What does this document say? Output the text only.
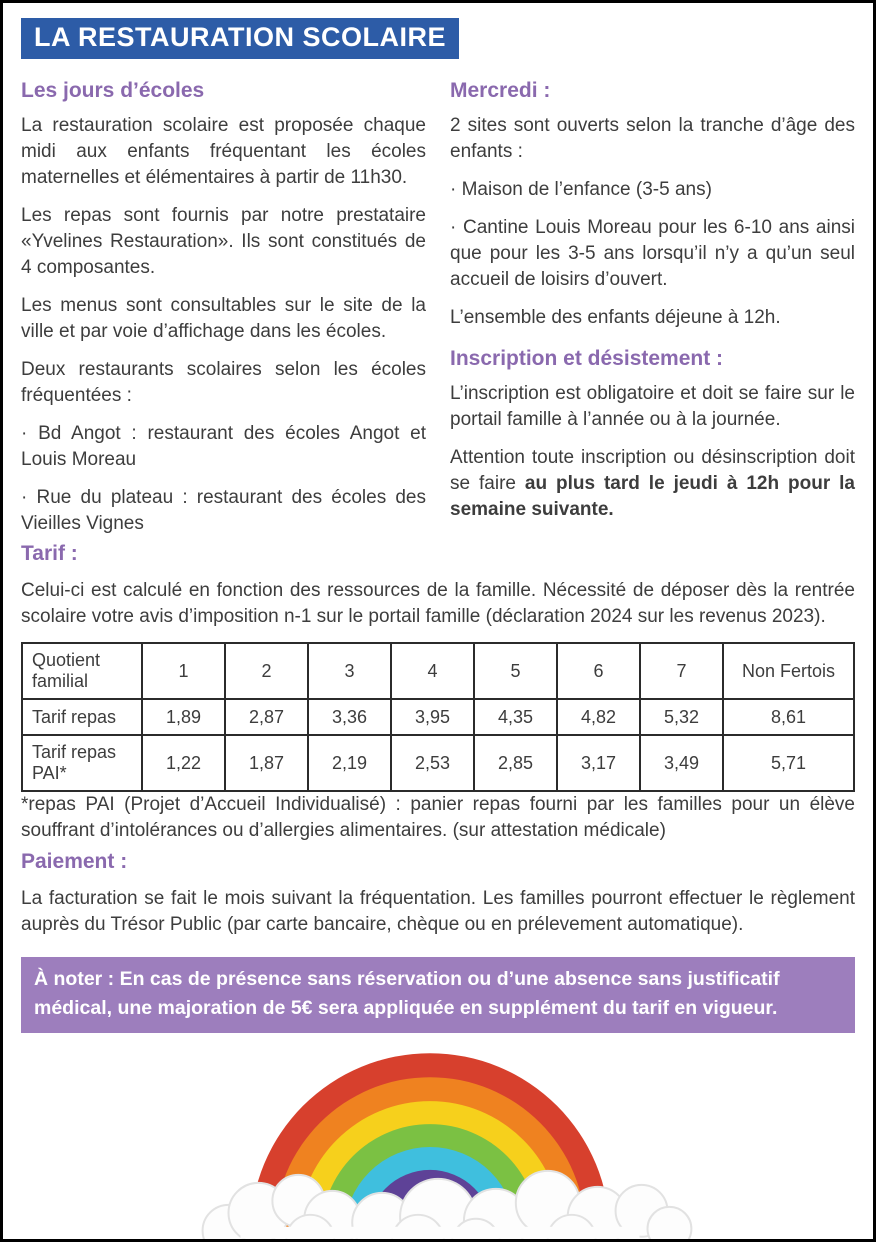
LA RESTAURATION SCOLAIRE
Les jours d’écoles

La restauration scolaire est proposée chaque midi aux enfants fréquentant les écoles maternelles et élémentaires à partir de 11h30.

Les repas sont fournis par notre prestataire «Yvelines Restauration». Ils sont constitués de 4 composantes.

Les menus sont consultables sur le site de la ville et par voie d’affichage dans les écoles.

Deux restaurants scolaires selon les écoles fréquentées :

· Bd Angot : restaurant des écoles Angot et Louis Moreau

· Rue du plateau : restaurant des écoles des Vieilles Vignes

Mercredi :

2 sites sont ouverts selon la tranche d’âge des enfants :

· Maison de l’enfance (3-5 ans)

· Cantine Louis Moreau pour les 6-10 ans ainsi que pour les 3-5 ans lorsqu’il n’y a qu’un seul accueil de loisirs d’ouvert.

L’ensemble des enfants déjeune à 12h.

Inscription et désistement :

L’inscription est obligatoire et doit se faire sur le portail famille à l’année ou à la journée.

Attention toute inscription ou désinscription doit se faire au plus tard le jeudi à 12h pour la semaine suivante.

Tarif :

Celui-ci est calculé en fonction des ressources de la famille. Nécessité de déposer dès la rentrée scolaire votre avis d’imposition n-1 sur le portail famille (déclaration 2024 sur les revenus 2023).

Quotient familial	1	2	3	4	5	6	7	Non Fertois
Tarif repas	1,89	2,87	3,36	3,95	4,35	4,82	5,32	8,61
Tarif repas PAI*	1,22	1,87	2,19	2,53	2,85	3,17	3,49	5,71

*repas PAI (Projet d’Accueil Individualisé) : panier repas fourni par les familles pour un élève souffrant d’intolérances ou d’allergies alimentaires. (sur attestation médicale)

Paiement :

La facturation se fait le mois suivant la fréquentation. Les familles pourront effectuer le règlement auprès du Trésor Public (par carte bancaire, chèque ou en prélevement automatique).

À noter : En cas de présence sans réservation ou d’une absence sans justificatif médical, une majoration de 5€ sera appliquée en supplément du tarif en vigueur.
